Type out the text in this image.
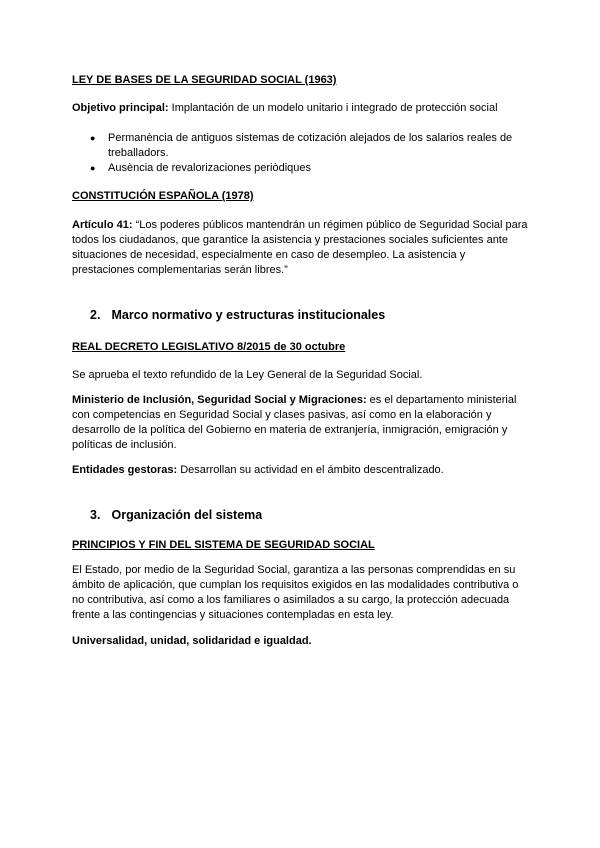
LEY DE BASES DE LA SEGURIDAD SOCIAL (1963)
Objetivo principal: Implantación de un modelo unitario i integrado de protección social
● Permanència de antiguos sistemas de cotización alejados de los salarios reales de treballadors.
● Ausència de revalorizaciones periòdiques
CONSTITUCIÓN ESPAÑOLA (1978)
Artículo 41: “Los poderes públicos mantendrán un régimen público de Seguridad Social para todos los ciudadanos, que garantice la asistencia y prestaciones sociales suficientes ante situaciones de necesidad, especialmente en caso de desempleo. La asistencia y prestaciones complementarias serán libres.”
2. Marco normativo y estructuras institucionales
REAL DECRETO LEGISLATIVO 8/2015 de 30 octubre
Se aprueba el texto refundido de la Ley General de la Seguridad Social.
Ministerio de Inclusión, Seguridad Social y Migraciones: es el departamento ministerial con competencias en Seguridad Social y clases pasivas, así como en la elaboración y desarrollo de la política del Gobierno en materia de extranjería, inmigración, emigración y políticas de inclusión.
Entidades gestoras: Desarrollan su actividad en el ámbito descentralizado.
3. Organización del sistema
PRINCIPIOS Y FIN DEL SISTEMA DE SEGURIDAD SOCIAL
El Estado, por medio de la Seguridad Social, garantiza a las personas comprendidas en su ámbito de aplicación, que cumplan los requisitos exigidos en las modalidades contributiva o no contributiva, así como a los familiares o asimilados a su cargo, la protección adecuada frente a las contingencias y situaciones contempladas en esta ley.
Universalidad, unidad, solidaridad e igualdad.
